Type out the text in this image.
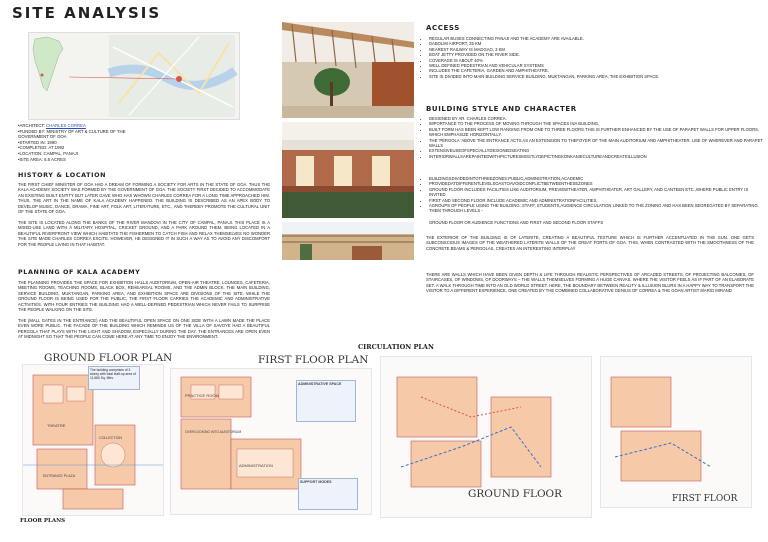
SITE ANALYSIS
•ARCHITECT: CHARLES CORREA
•FUNDED BY: MINISTRY OF ART & CULTURE OF THE GOVERNMENT OF GOA
•STARTED IN: 1990
•COMPLETED: AT 1992
•LOCATION: CAMPAL, PANAJI
•SITE AREA: 6.5 ACRES
HISTORY & LOCATION
THE FIRST CHIEF MINISTER OF GOA HAD A DREAM OF FORMING A SOCIETY FOR ARTS IN THE STATE OF GOA. THUS THE KALA ACADEMY SOCIETY WAS FORMED BY THE GOVERNMENT OF GOA. THE SOCIETY FIRST DECIDED TO ACCOMMODATE AN EXISTING BUILT ENTITY BUT LATER GAVE WHO HAS WHOWN CHARLES CORREA FOR A LONG TIME APPROACHED HIM. THUS, THE ART IN THE NAME OF KALA ACADEMY HAPPENED. THE BUILDING IS DESCRIBED AS AN APEX BODY TO DEVELOP MUSIC, DANCE, DRAMA, FINE ART, FOLK ART, LITERATURE, ETC., AND THEREBY PROMOTE THE CULTURAL UNIT OF THE STATE OF GOA.
THE SITE IS LOCATED ALONG THE BANKS OF THE RIVER MANDOVI IN THE CITY OF CAMPAL, PANAJI. THIS PLACE IS A MIXED-USE LAND WITH A MILITARY HOSPITAL, CRICKET GROUND, AND A PARK AROUND THEM. BEING LOCATED IN A BEAUTIFUL RIVERFRONT VIEW WHICH HABITATS THE FISHERMEN TO CATCH FISH AND RELAX THEMSELVES NO WONDER THE SITE MADE CHARLES CORREA EXCITE. HOWEVER, HE DESIGNED IT IN SUCH A WAY AS TO AVOID ANY DISCOMFORT FOR THE PEOPLE LIVING IN THAT HABITAT.
PLANNING OF KALA ACADEMY
THE PLANNING PROVIDES THE SPACE FOR EXHIBITION HALLS AUDITORIUM, OPEN-AIR THEATRE, LOUNGES, CAFETERIA, MEETING ROOMS, TEACHING ROOMS, BLACK BOX, REHEARSAL ROOMS, AND THE ADMIN BLOCK. THE MAIN BUILDING, SERVICE BUILDING, MUKTANGAN, PARKING AREA, AND EXHIBITION SPACE ARE DIVISIONS OF THE SITE. WHILE THE GROUND FLOOR IS BEING USED FOR THE PUBLIC, THE FIRST FLOOR CARRIES THE ACADEMIC AND ADMINISTRATIVE ACTIVITIES. WITH FOUR ENTRIES THE BUILDING HAD A WELL-DEFINED PEDESTRIAN WHICH NEVER FAILS TO SURPRISE THE PEOPLE WALKING ON THE SITE.
THE (MALL GATES IN THE ENTRANCE) AND THE BEAUTIFUL OPEN SPACE ON ONE SIDE WITH A LAWN MADE THE PLACE EVEN MORE PUBLIC. THE FACADE OF THE BUILDING WHICH REMINDS US OF THE VILLA OF SAVOYE HAD A BEAUTIFUL PERGOLA THAT PLAYS WITH THE LIGHT AND SHADOW, ESPECIALLY DURING THE DAY. THE ENTRANCES ARE OPEN EVEN AT MIDNIGHT SO THAT THE PEOPLE CAN COME HERE AT ANY TIME TO ENJOY THE ENVIRONMENT.
ACCESS
• REGULAR BUSES CONNECTING PANAJI AND THE ACADEMY ARE AVAILABLE.
• DABOLIM AIRPORT, 25 KM
• NEAREST RAILWAY IS MADGAO, 3 KM
• BOAT JETTY PROVIDED ON THE RIVER SIDE.
• COVERAGE IS ABOUT 40%
• WELL DEFINED PEDESTRIAN AND VEHICULAR SYSTEMS
• INCLUDES THE CAFETERIA, GARDEN AND AMPHITHEATRE.
• SITE IS DIVIDED INTO MAIN BUILDING SERVICE BUILDING, MUKTANGAN, PARKING AREA, THE EXHIBITION SPACE.
BUILDING STYLE AND CHARACTER
• DESIGNED BY AR. CHARLES CORREA.
• IMPORTANCE TO THE PROCESS OF MOVING THROUGH THE SPACES INA BUILDING.
• BUILT FORM HAS BEEN KEPT LOW RANGING FROM ONE TO THREE FLOORS.THIS IS FURTHER ENHANCED BY THE USE OF PARAPET WALLS FOR UPPER FLOORS, WHICH EMPHASIZE HORIZONTALLY.
• THE 'PERGOLA 'ABOVE THE ENTRANCE ACTS AS AN EXTENSION TO THEFOYER OF THE MAIN AUDITORIUM AND AMPHITHEATER. USE OF WHEREVER AND PARAPET WALLS
• EXTENSIVEUSEOFSPECIALLYDESIGNEDSEATING
• INTERIORWALLSAREPAINTEDWITHPICTURESMOSTLYDEPICTINGKONKANIECULTUREANDCREATEILLUSION
• BUILDINGSDIVIDEDINTOTHREEZONES:PUBLIC,ADMINISTRATION,ACADEMIC
• PROVIDEDATDIFFERENTLEVELSOASTOAVOIDCONFLICTBETWEENTHESEZONES
• GROUND FLOOR INCLUDES FACILITIES LIKE AUDITORIUM, PREVIEWTHEATER, AMPHITHEATER, ART GALLERY, AND CANTEEN ETC.,WHERE PUBLIC ENTRY IS INVITED
• FIRST AND SECOND FLOOR INCLUDE ACADEMIC AND ADMINISTRATIONFACILITIES.
• AGROUPS OF PEOPLE USING THE BUILDING: STAFF, STUDENTS,AUDIENCE CIRCULATION LINKED TO THE ZONING AND HAS BEEN SEGREGATED BY SEPARATING THEM THROUGH LEVELS -
GROUND FLOOR OR AUDIENCE FUNCTIONS AND FIRST AND SECOND FLOOR STAFFS
THE EXTERIOR OF THE BUILDING IS OF LATERITE, CREATING A BEAUTIFUL TEXTURE WHICH IS FURTHER ACCENTUATED IN THE SUN. ONE GETS SUBCONSCIOUS IMAGES OF THE WEATHERED LATERITE WALLS OF THE GREAT FORTS OF GOA. THIS, WHEN CONTRASTED WITH THE SMOOTHNESS OF THE CONCRETE BEAMS & PERGOLAS, CREATES AN INTERESTING INTERPLAY
THERE ARE WALLS WHICH HAVE BEEN GIVEN DEPTH & LIFE THROUGH REALISTIC PERSPECTIVES OF ARCADED STREETS, OF PROJECTING BALCONIES, OF STAIRCASES, OF WINDOWS, OF DOORWAYS – THE WALLS THEMSELVES FORMING A HUGE CANVAS. WHERE THE VISITOR FEELS AS IF PART OF AN ELABORATE SET. A WALK THROUGH TIME INTO AN OLD WORLD STREET. HERE, THE BOUNDARY BETWEEN REALITY & ILLUSION BLURS IN A HAPPY WAY TO TRANSPORT THE VISITOR TO A DIFFERENT EXPERIENCE, ONE CREATED BY THE COMBINED COLLABORATIVE GENIUS OF CORREA & THE GOAN ARTIST MARIO MIRAND
GROUND FLOOR PLAN
THEATRE
ENTRANCE PLAZA
COLLECTION
The building comprises of 3 storey with total built-up area of 11,680 Sq. Mtrs.
FIRST FLOOR PLAN
PRACTICE ROOM
OVERLOOKING INTO AUDITORIUM
ADMINISTRATION
ADMINISTRATIVE SPACE
SUPPORT MODES
CIRCULATION PLAN
GROUND FLOOR	FIRST FLOOR
FLOOR PLANS
